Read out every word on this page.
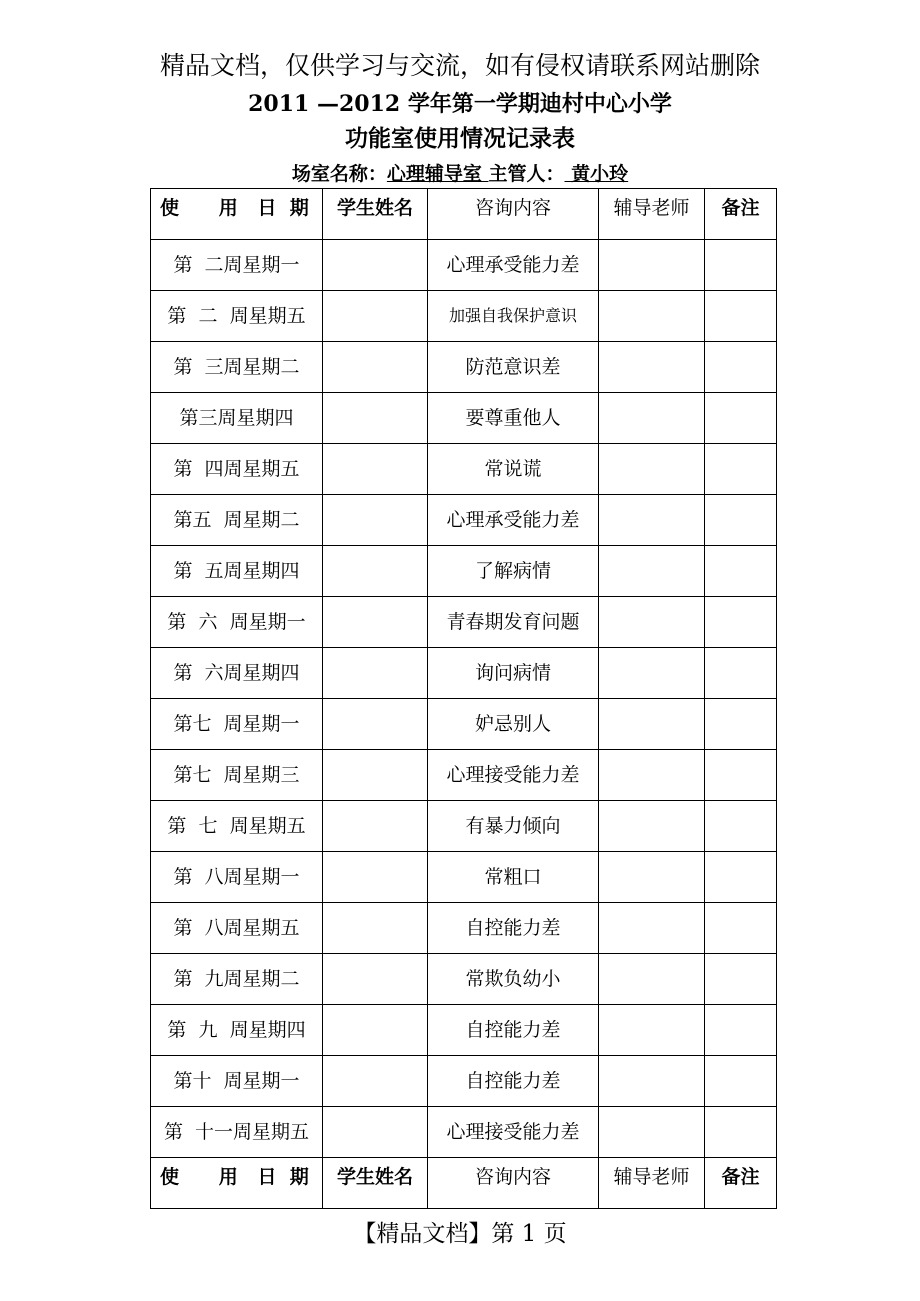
精品文档，仅供学习与交流，如有侵权请联系网站删除
2011 —2012 学年第一学期迪村中心小学
功能室使用情况记录表
场室名称：心理辅导室 主管人： 黄小玲
使      用   日  期	学生姓名	咨询内容	辅导老师	备注
第  二周星期一		心理承受能力差		
第  二  周星期五		加强自我保护意识		
第  三周星期二		防范意识差		
第三周星期四		要尊重他人		
第  四周星期五		常说谎		
第五  周星期二		心理承受能力差		
第  五周星期四		了解病情		
第  六  周星期一		青春期发育问题		
第  六周星期四		询问病情		
第七  周星期一		妒忌别人		
第七  周星期三		心理接受能力差		
第  七  周星期五		有暴力倾向		
第  八周星期一		常粗口		
第  八周星期五		自控能力差		
第  九周星期二		常欺负幼小		
第  九  周星期四		自控能力差		
第十  周星期一		自控能力差		
第  十一周星期五		心理接受能力差		
使      用   日  期	学生姓名	咨询内容	辅导老师	备注
【精品文档】第 1 页
